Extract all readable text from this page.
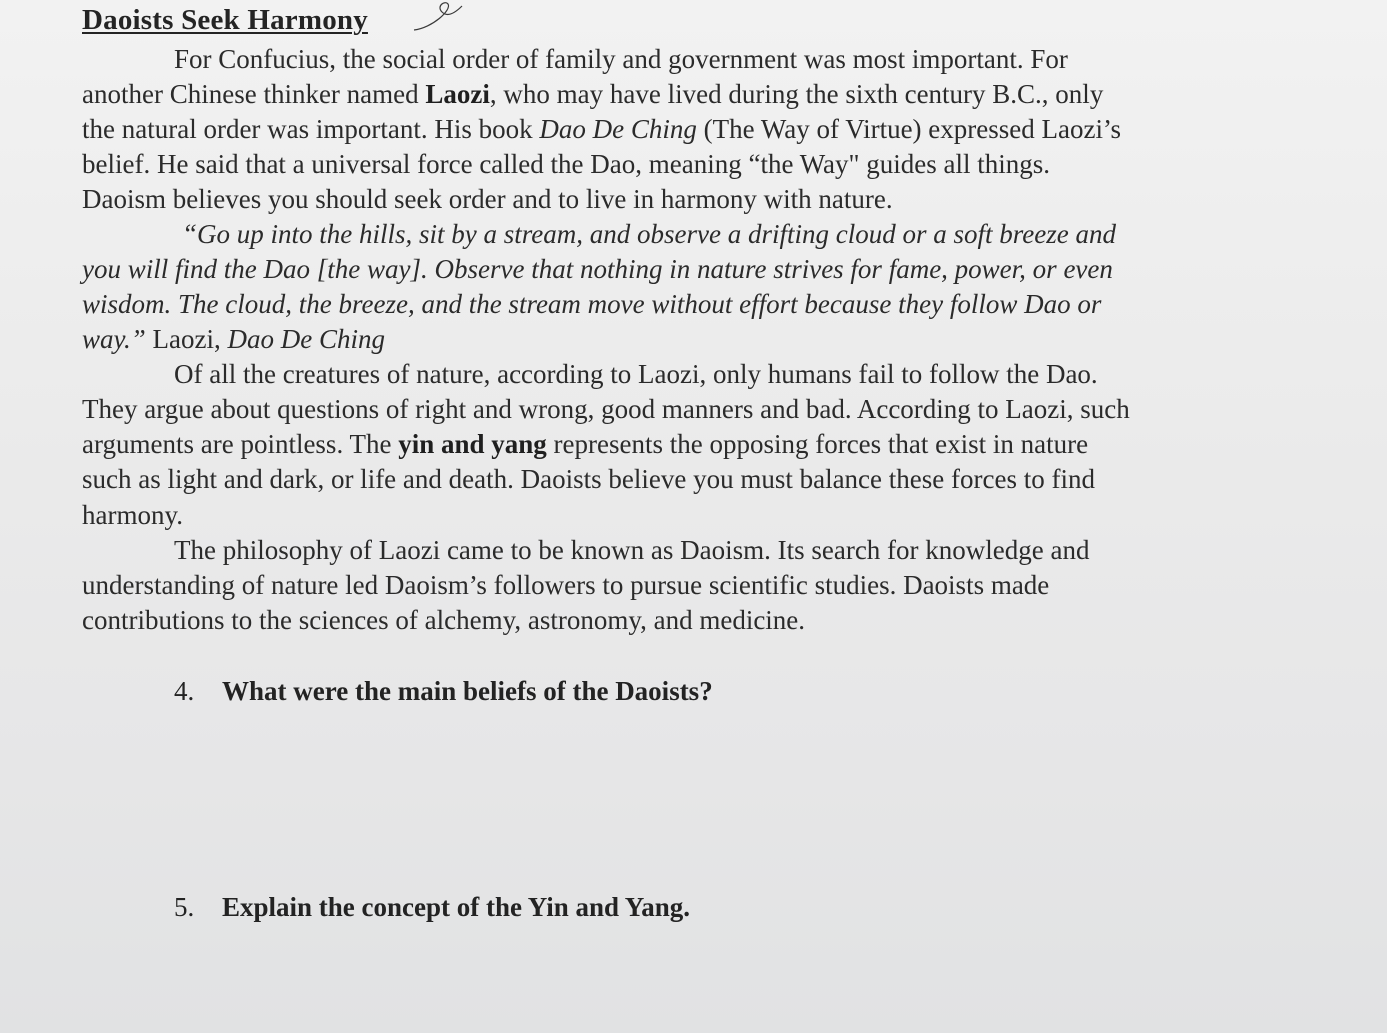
Daoists Seek Harmony
For Confucius, the social order of family and government was most important. For
another Chinese thinker named Laozi, who may have lived during the sixth century B.C., only
the natural order was important. His book Dao De Ching (The Way of Virtue) expressed Laozi’s
belief. He said that a universal force called the Dao, meaning “the Way" guides all things.
Daoism believes you should seek order and to live in harmony with nature.
“Go up into the hills, sit by a stream, and observe a drifting cloud or a soft breeze and
you will find the Dao [the way]. Observe that nothing in nature strives for fame, power, or even
wisdom. The cloud, the breeze, and the stream move without effort because they follow Dao or
way.” Laozi, Dao De Ching
Of all the creatures of nature, according to Laozi, only humans fail to follow the Dao.
They argue about questions of right and wrong, good manners and bad. According to Laozi, such
arguments are pointless. The yin and yang represents the opposing forces that exist in nature
such as light and dark, or life and death. Daoists believe you must balance these forces to find
harmony.
The philosophy of Laozi came to be known as Daoism. Its search for knowledge and
understanding of nature led Daoism’s followers to pursue scientific studies. Daoists made
contributions to the sciences of alchemy, astronomy, and medicine.
4. What were the main beliefs of the Daoists?
5. Explain the concept of the Yin and Yang.
